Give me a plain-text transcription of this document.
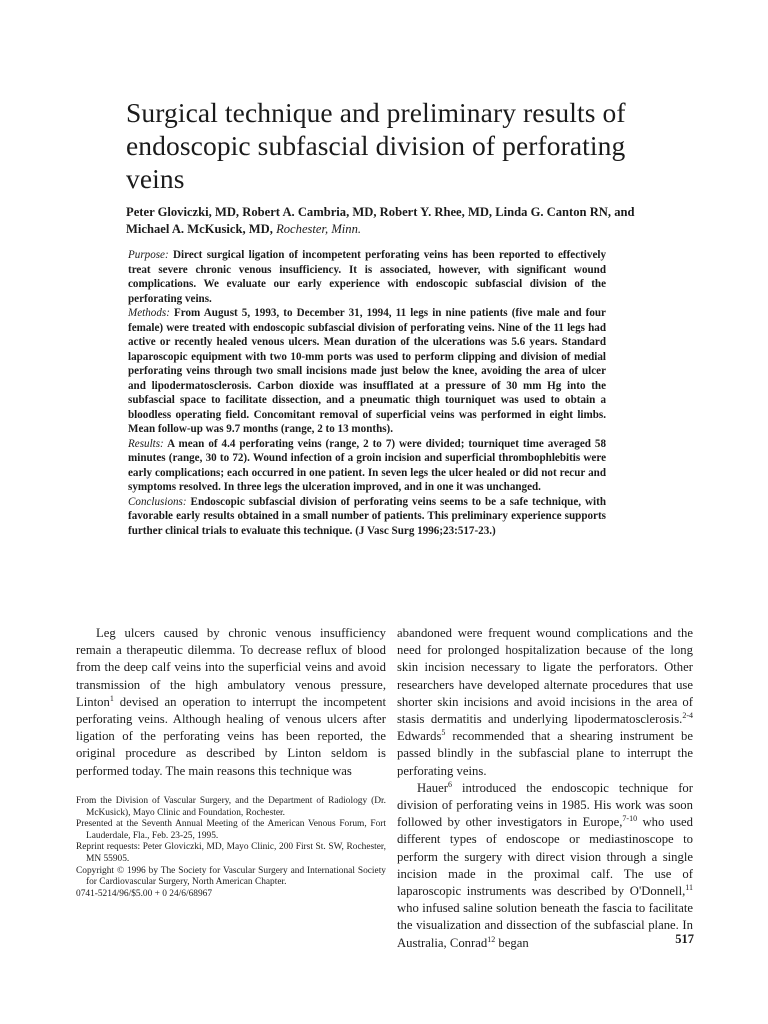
Surgical technique and preliminary results of endoscopic subfascial division of perforating veins
Peter Gloviczki, MD, Robert A. Cambria, MD, Robert Y. Rhee, MD, Linda G. Canton RN, and Michael A. McKusick, MD, Rochester, Minn.

Purpose: Direct surgical ligation of incompetent perforating veins has been reported to effectively treat severe chronic venous insufficiency. It is associated, however, with significant wound complications. We evaluate our early experience with endoscopic subfascial division of the perforating veins.

Methods: From August 5, 1993, to December 31, 1994, 11 legs in nine patients (five male and four female) were treated with endoscopic subfascial division of perforating veins. Nine of the 11 legs had active or recently healed venous ulcers. Mean duration of the ulcerations was 5.6 years. Standard laparoscopic equipment with two 10-mm ports was used to perform clipping and division of medial perforating veins through two small incisions made just below the knee, avoiding the area of ulcer and lipodermatosclerosis. Carbon dioxide was insufflated at a pressure of 30 mm Hg into the subfascial space to facilitate dissection, and a pneumatic thigh tourniquet was used to obtain a bloodless operating field. Concomitant removal of superficial veins was performed in eight limbs. Mean follow-up was 9.7 months (range, 2 to 13 months).

Results: A mean of 4.4 perforating veins (range, 2 to 7) were divided; tourniquet time averaged 58 minutes (range, 30 to 72). Wound infection of a groin incision and superficial thrombophlebitis were early complications; each occurred in one patient. In seven legs the ulcer healed or did not recur and symptoms resolved. In three legs the ulceration improved, and in one it was unchanged.

Conclusions: Endoscopic subfascial division of perforating veins seems to be a safe technique, with favorable early results obtained in a small number of patients. This preliminary experience supports further clinical trials to evaluate this technique. (J Vasc Surg 1996;23:517-23.)

Leg ulcers caused by chronic venous insufficiency remain a therapeutic dilemma. To decrease reflux of blood from the deep calf veins into the superficial veins and avoid transmission of the high ambulatory venous pressure, Linton$^1$ devised an operation to interrupt the incompetent perforating veins. Although healing of venous ulcers after ligation of the perforating veins has been reported, the original procedure as described by Linton seldom is performed today. The main reasons this technique was

abandoned were frequent wound complications and the need for prolonged hospitalization because of the long skin incision necessary to ligate the perforators. Other researchers have developed alternate procedures that use shorter skin incisions and avoid incisions in the area of stasis dermatitis and underlying lipodermatosclerosis.$^{2-4}$ Edwards$^5$ recommended that a shearing instrument be passed blindly in the subfascial plane to interrupt the perforating veins.

Hauer$^6$ introduced the endoscopic technique for division of perforating veins in 1985. His work was soon followed by other investigators in Europe,$^{7-10}$ who used different types of endoscope or mediastinoscope to perform the surgery with direct vision through a single incision made in the proximal calf. The use of laparoscopic instruments was described by O'Donnell,$^{11}$ who infused saline solution beneath the fascia to facilitate the visualization and dissection of the subfascial plane. In Australia, Conrad$^{12}$ began

From the Division of Vascular Surgery, and the Department of Radiology (Dr. McKusick), Mayo Clinic and Foundation, Rochester.

Presented at the Seventh Annual Meeting of the American Venous Forum, Fort Lauderdale, Fla., Feb. 23-25, 1995.

Reprint requests: Peter Gloviczki, MD, Mayo Clinic, 200 First St. SW, Rochester, MN 55905.

Copyright © 1996 by The Society for Vascular Surgery and International Society for Cardiovascular Surgery, North American Chapter.

0741-5214/96/$5.00 + 0 24/6/68967

517
